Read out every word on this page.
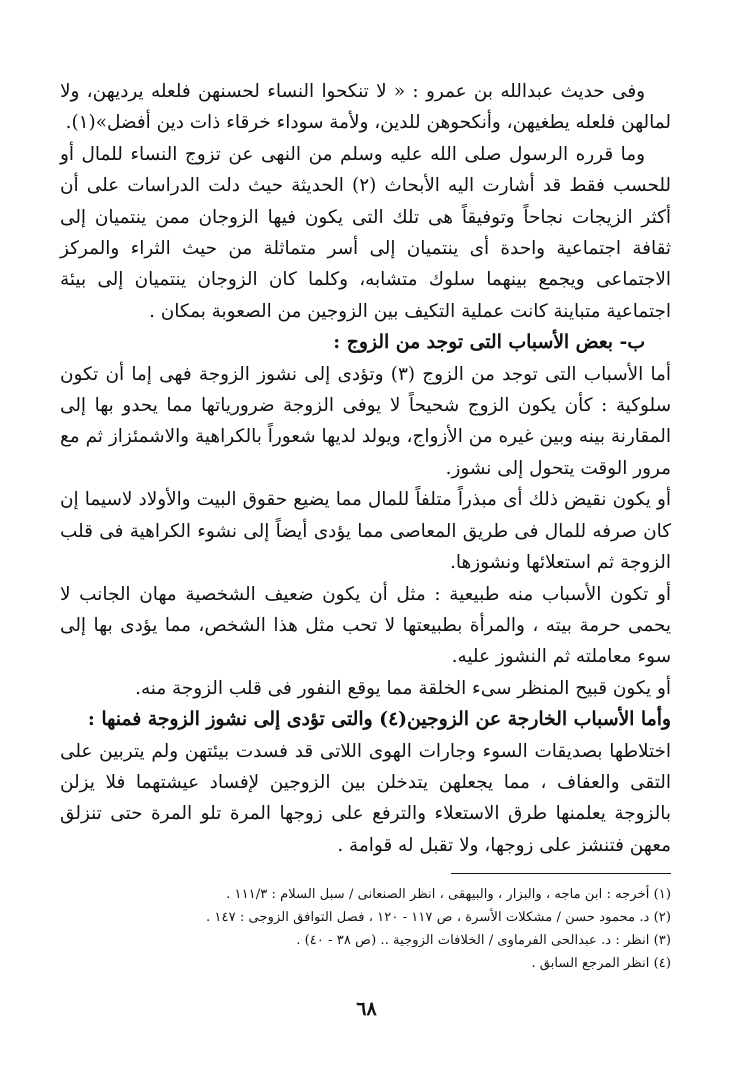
وفى حديث عبدالله بن عمرو : « لا تنكحوا النساء لحسنهن فلعله يرديهن، ولا لمالهن فلعله يطغيهن، وأنكحوهن للدين، ولأمة سوداء خرقاء ذات دين أفضل»(١).

وما قرره الرسول صلى الله عليه وسلم من النهى عن تزوج النساء للمال أو للحسب فقط قد أشارت اليه الأبحاث (٢) الحديثة حيث دلت الدراسات على أن أكثر الزيجات نجاحاً وتوفيقاً هى تلك التى يكون فيها الزوجان ممن ينتميان إلى ثقافة اجتماعية واحدة أى ينتميان إلى أسر متماثلة من حيث الثراء والمركز الاجتماعى ويجمع بينهما سلوك متشابه، وكلما كان الزوجان ينتميان إلى بيئة اجتماعية متباينة كانت عملية التكيف بين الزوجين من الصعوبة بمكان .

ب- بعض الأسباب التى توجد من الزوج :

أما الأسباب التى توجد من الزوج (٣) وتؤدى إلى نشوز الزوجة فهى إما أن تكون سلوكية : كأن يكون الزوج شحيحاً لا يوفى الزوجة ضرورياتها مما يحدو بها إلى المقارنة بينه وبين غيره من الأزواج، ويولد لديها شعوراً بالكراهية والاشمئزاز ثم مع مرور الوقت يتحول إلى نشوز.

أو يكون نقيض ذلك أى مبذراً متلفاً للمال مما يضيع حقوق البيت والأولاد لاسيما إن كان صرفه للمال فى طريق المعاصى مما يؤدى أيضاً إلى نشوء الكراهية فى قلب الزوجة ثم استعلائها ونشوزها.

أو تكون الأسباب منه طبيعية : مثل أن يكون ضعيف الشخصية مهان الجانب لا يحمى حرمة بيته ، والمرأة بطبيعتها لا تحب مثل هذا الشخص، مما يؤدى بها إلى سوء معاملته ثم النشوز عليه.

أو يكون قبيح المنظر سىء الخلقة مما يوقع النفور فى قلب الزوجة منه.

وأما الأسباب الخارجة عن الزوجين(٤) والتى تؤدى إلى نشوز الزوجة فمنها :

اختلاطها بصديقات السوء وجارات الهوى اللاتى قد فسدت بيئتهن ولم يتربين على التقى والعفاف ، مما يجعلهن يتدخلن بين الزوجين لإفساد عيشتهما فلا يزلن بالزوجة يعلمنها طرق الاستعلاء والترفع على زوجها المرة تلو المرة حتى تنزلق معهن فتنشز على زوجها، ولا تقبل له قوامة .

(١) أخرجه : ابن ماجه ، والبزار ، والبيهقى ، انظر الصنعانى / سبل السلام : ١١١/٣ .

(٢) د. محمود حسن / مشكلات الأسرة ، ص ١١٧ - ١٢٠ ، فصل التوافق الزوجى : ١٤٧ .

(٣) انظر : د. عبدالحى الفرماوى / الخلافات الزوجية .. (ص ٣٨ - ٤٠) .

(٤) انظر المرجع السابق .

٦٨
